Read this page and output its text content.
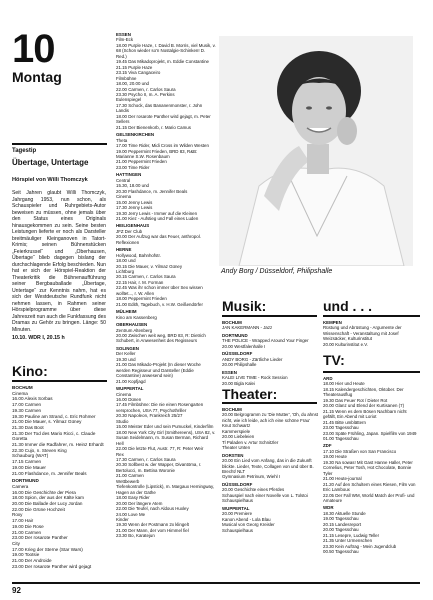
10
Montag
Tagestip
Übertage, Untertage
Hörspiel von Willi Thomczyk
Seit Jahren glaubt Willi Thomczyk, Jahrgang 1953, nun schon, als Schauspieler und Ruhrgebiets-Autor beweisen zu müssen, ohne jemals über den Status eines Originals hinausgekommen zu sein. Seine besten Leistungen lieferte er noch als Darsteller breitmäuliger Kleinganoven in Tatort-Krimis; seinen Bühnenstücken „Feierkrussel“ und „Oberhausen, Übertage“ blieb dagegen bislang der durchschlagende Erfolg beschieden. Nun hat er sich der Hörspiel-Reaktion der Theaterkritik die Bühnenaufführung seiner Bergbauballade „Übertage, Untertage“ zur Kenntnis nahm, hat es sich der Westdeutsche Rundfunk nicht nehmen lassen, in Rahmen seiner Hörspielprogramme über diese Jahreszeit nun auch die Funkfassung des Dramas zu Gehör zu bringen. Länge: 50 Minuten.
10.10. WDR I, 20.15 h
Kino:
BOCHUM
Cinema
16.00 Alexis Sorbas
17.00 Carmen
19.30 Carmen
19.30 Pauline am Strand, c. Eric Rohmer
21.00 Die Mauer, s. Yilmaz Güney
21.30 Das Boot
21.30 Der Tod des Mario Ricci, c. Claude Goretta
21.30 Immer die Radfahrer, m. Heinz Erhardt
22.30 Cujo, n. Steven King
Schauburg (WAT)
17.15 Carmen
19.00 Die Mauer
21.00 Flashdance, m. Jennifer Beals
DORTMUND
Camera
16.00 Die Geschichte der Piera
18.00 Spion, der aus der Kälte kam
20.00 Die Ballade der Lucy Jordan
22.00 Die Grüne Hochzeit
Roxy
17.00 Hair
19.00 Die Rose
21.00 Carmen
23.00 Der rosarote Panther
City
17.00 Krieg der Sterne (Star Wars)
19.00 Tootsie
21.00 Der Androide
23.00 Der rosarote Panther wird gejagt
ESSEN
Film-Eck
18.00 Purple Haze, r. David B. Morris, viel Musik, v. 68 (Schon wieder so'n Nostalgie-Schinken! D. Red.)
19.45 Das Mikadoprojekt, m. Eddie Constantine
21.15 Purple Haze
23.15 Viva Cangaceiro
Filmbühne
18.00, 20.00 und
22.00 Carmen, r. Carlos Saura
23.30 Psycho II, m. A. Perkins
Eulenspiegel
17.30 Schock, das Bananenmonster, r. John Landis
18.00 Der rosarote Panther wird gejagt, m. Peter Sellers
21.15 Der Bienenkorb, r. Mario Camus
GELSENKIRCHEN
Theta
17.00 Time Rider, Midi Cross im Wilden Westen
19.00 Peppermint Frieden, BRD 83, R&B: Marianne S.W. Rosenbaum
21.00 Peppermint Frieden
23.00 Time Rider
HATTINGEN
Central
15.30, 18.00 und
20.30 Flashdance, m. Jennifer Beals
Cinema
15.00 Jenny Lewis
17.30 Jenny Lewis
19.30 Jerry Lewis - Immer auf die Kleinen
21.00 Kiez - Aufstieg und Fall eines Luden
HEILIGENHAUS
JFZ Der Club
20.00 Der Aufzug war das Feuer, anthropol. Reflexionen
HERNE
Hollywood, Bahnhofstr.
18.00 und
20.15 Die Mauer, v. Yilmaz Güney
Lichtburg
20.15 Carmen, r. Carlos Saura
22.15 Hair, r. M. Forman
22.45 Was ihr schon immer über Sex wissen wolltet..., r. W. Allen
18.00 Peppermint Frieden
21.00 Edith, Tagebuch, v. H.W. Geißendörfer
MÜLHEIM
Kino am Kassenberg
OBERHAUSEN
Zentrum Altenberg
20.00 Zwischen weit weg, BRD 83, R: Dietrich Schubert, in Anwesenheit des Regisseurs
SOLINGEN
Der Keller
19.30 und
21.00 Das Mikado-Projekt (In dieser Woche werden Regisseur und Darsteller (Eddie Constantine) anwesend sein)
21.00 Kopfjagd
WUPPERTAL
Cinema
16.00 Dünen
17.45 Filmbühne: Die nie einen Rosengarten versprochen, USA 77, Psychothriller
20.30 Napoleon, Frankreich 25/27
Studio
15.00 Meister Eder und sein Pumuckel, Kinderfilm
18.00 New York City Girl (Smithereens), USA 82, v. Susan Seidelmann, m. Susan Berman, Richard Hell
22.00 Die letzte Flut, Austr. 77, R: Peter Weir
Rex
17.30 Carmen, r. Carlos Saura
20.30 Sollbest w. der Wapper, Divantöma, r. Bertolucci, m. Bettina Woronie
21.00 Carmen
Wettbewerb
Tiefenkontrolle (Lipstick), m. Margaux Hemingway, Hagen an der Gathe
18.00 Easy Rider
20.00 Der längere Atem
22.00 Die Teufel, nach Aldous Huxley
24.00 Love Me
Kinder
19.30 Wenn der Postmann 2x klingelt
21.00 Der Mann, der vom Himmel fiel
23.30 Bo, Karatejun
Andy Borg / Düsseldorf, Philipshalle
Musik:
BOCHUM
JAN KAKERMANN - Jazz
DORTMUND
THE POLICE - Wrapped Around Your Finger
20.00 Westfalenhalle I
DÜSSELDORF
ANDY BORG - Zärtliche Lieder
20.00 Philipshalle
ESSEN
KALEI LIVE TIME - Rock Session
20.00 Bigla Kalei
und . . .
KEMPEN
Rüstung und Abrüstung - Argumente der Wissenschaft - Veranstaltung mit Josef Weizsäcker, Kulturinstitut
20.00 Kulturinstitut e.V.
TV:
ARD
18.00 Hier und Heute
18.15 Kalendergeschichten, Oktober. Der Theaterausflug
19.30 Das Feuer Rot / Dieter Rot
20.00 Glanz und Elend der Kurtisanen (7)
21.15 Wenn es dem Bösen Nachbarn nicht gefällt, Ein Abend mit Loriot
21.45 Bitte umblättern
23.00 Tagesschau
23.00 Späte Frühling, Japan. Spielfilm von 1949
01.00 Tagesschau
ZDF
17.10 Die Straßen von San Francisco
19.00 Heute
19.30 Na sowas! Mit Gast Hanne Haller, Peter Cornelius, Peter Tosh, Hot Chocolate, Bonnie Tyler
21.00 Heute-journal
21.20 Auf den Schultern eines Riesen, Film von Eric Lamboux
22.05 Der Fall WM, World Match der Profi- und Amateure
WDR
18.30 Aktuelle Stunde
19.00 Tagesschau
20.15 Landesreport
20.00 Tagesschau
21.15 Lesepre, Ludwig Teller
21.35 Unter Urmenschen
23.30 Kein Auftrag - Mein Jugendclub
00.50 Tagesschau
Theater:
BOCHUM
20.00 Belgrogramm zu 'Die Mutter', 'Oh, du ahnst nicht, wie ich leide, ach ich eine schöne Frau'
Knut Schwartz
Kammerspiele
20.00 Liebeleien
Tl Paladen v. Artur Schnitzler
Theater Unten
DORSTEN
20.00 Ein Lied vom Anfang, das in die Zukunft blickte. Lieder, Texte, Collagen von und über B. Brecht/ NLT
Gymnasium Petrinum, Wiehl I
DÜSSELDORF
20.00 Geschichte eines Pferdes
Schauspiel nach einer Novelle von L. Tolstoi
Schauspielhaus
WUPPERTAL
20.00 Premiere
Kanon Abend - Lola Blau
Musical von Georg Kreisler
Schauspielhaus
92
